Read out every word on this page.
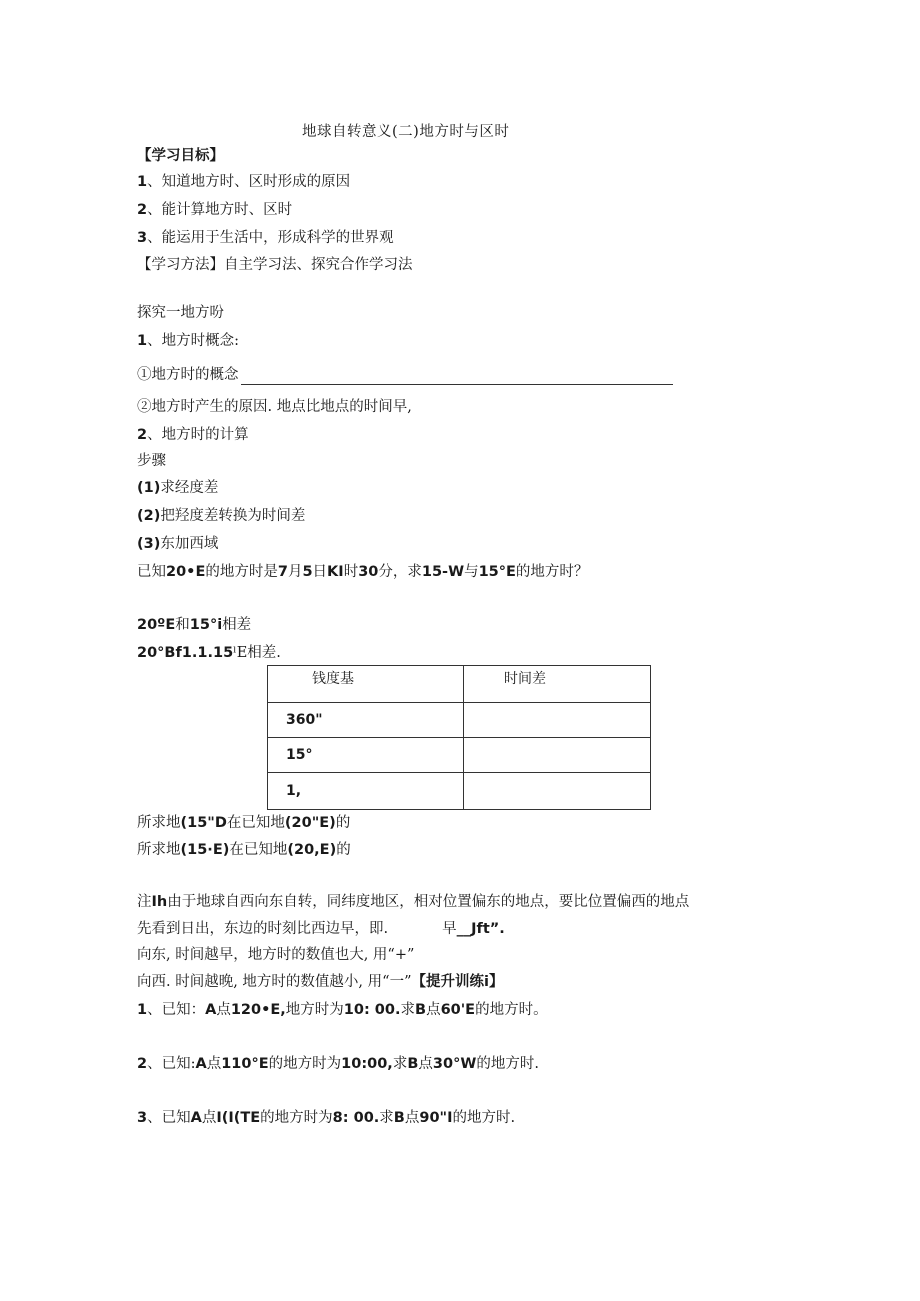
地球自转意义(二)地方时与区时
【学习目标】
1、知道地方时、区时形成的原因
2、能计算地方时、区时
3、能运用于生活中，形成科学的世界观
【学习方法】自主学习法、探究合作学习法
探究一地方吩
1、地方时概念:
①地方时的概念
②地方时产生的原因. 地点比地点的时间早,
2、地方时的计算
步骤
(1)求经度差
(2)把羟度差转换为时间差
(3)东加西域
已知20•E的地方时是7月5日KI时30分，求15-W与15°E的地方时？
20ºE和15°i相差
20°Bf1.1.15ˡE相差.
钱度基	时间差
360"	
15°	
1,	
所求地(15"D在已知地(20"E)的
所求地(15·E)在已知地(20,E)的
注Ih由于地球自西向东自转，同纬度地区，相对位置偏东的地点，要比位置偏西的地点
先看到日出，东边的时刻比西边早，即.	早__Jft”.
向东, 时间越早，地方时的数值也大, 用“+”
向西. 时间越晚, 地方时的数值越小, 用“一”【提升训练i】
1、已知：A点120•E,地方时为10: 00.求B点60'E的地方时。
2、已知:A点110°E的地方时为10:00,求B点30°W的地方时.
3、已知A点I(I(TE的地方时为8: 00.求B点90"I的地方时.
